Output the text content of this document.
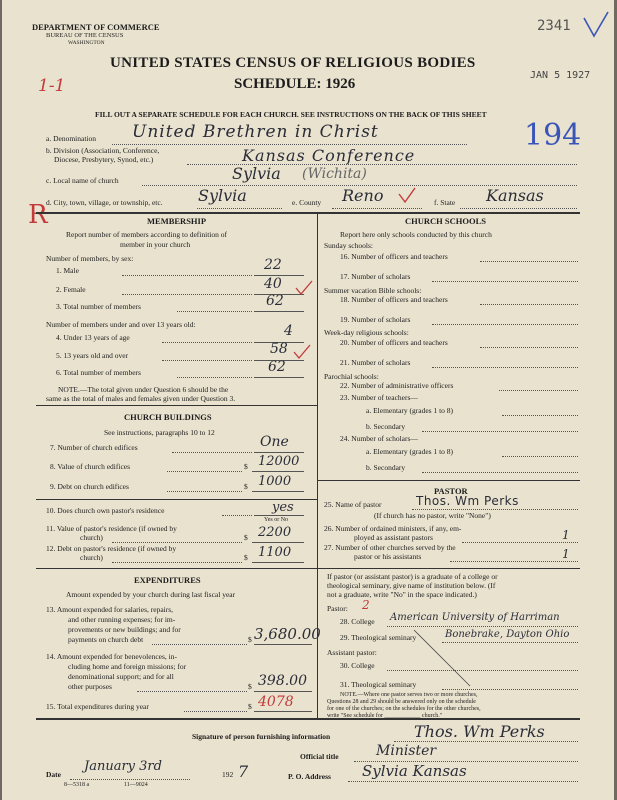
DEPARTMENT OF COMMERCE
BUREAU OF THE CENSUS
WASHINGTON
2341
UNITED STATES CENSUS OF RELIGIOUS BODIES
JAN 5 1927
SCHEDULE: 1926
1-1
FILL OUT A SEPARATE SCHEDULE FOR EACH CHURCH. SEE INSTRUCTIONS ON THE BACK OF THIS SHEET
a. Denomination United Brethren in Christ	194
b. Division (Association, Conference,
Diocese, Presbytery, Synod, etc.)	Kansas Conference
c. Local name of church	Sylvia (Wichita)
d. City, town, village, or township, etc. Sylvia	e. County Reno	f. State Kansas
R	MEMBERSHIP
Report number of members according to definition of
member in your church
Number of members, by sex:
1. Male	22
2. Female	40
3. Total number of members	62
Number of members under and over 13 years old:
4. Under 13 years of age	4
5. 13 years old and over	58
6. Total number of members	62
NOTE.—The total given under Question 6 should be the
same as the total of males and females given under Question 3.
CHURCH BUILDINGS
See instructions, paragraphs 10 to 12
7. Number of church edifices	One
8. Value of church edifices	$ 12000
9. Debt on church edifices	$ 1000
10. Does church own pastor's residence	yes
Yes or No
11. Value of pastor's residence (if owned by
church)	$ 2200
12. Debt on pastor's residence (if owned by
church)	$ 1100
EXPENDITURES
Amount expended by your church during last fiscal year
13. Amount expended for salaries, repairs,
and other running expenses; for im-
provements or new buildings; and for
payments on church debt	$ 3,680.00
14. Amount expended for benevolences, in-
cluding home and foreign missions; for
denominational support; and for all
other purposes	$ 398.00
15. Total expenditures during year	$ 4078
CHURCH SCHOOLS
Report here only schools conducted by this church
Sunday schools:
16. Number of officers and teachers
17. Number of scholars
Summer vacation Bible schools:
18. Number of officers and teachers
19. Number of scholars
Week-day religious schools:
20. Number of officers and teachers
21. Number of scholars
Parochial schools:
22. Number of administrative officers
23. Number of teachers—
a. Elementary (grades 1 to 8)
b. Secondary
24. Number of scholars—
a. Elementary (grades 1 to 8)
b. Secondary
PASTOR
25. Name of pastor	Thos. Wm Perks
(If church has no pastor, write "None")
26. Number of ordained ministers, if any, em-
ployed as assistant pastors	1
27. Number of other churches served by the
pastor or his assistants	1
If pastor (or assistant pastor) is a graduate of a college or
theological seminary, give name of institution below. (If
not a graduate, write "No" in the space indicated.)
Pastor: 2
28. College American University of Harriman
29. Theological seminary	Bonebrake, Dayton Ohio
Assistant pastor:
30. College
31. Theological seminary
NOTE.—Where one pastor serves two or more churches,
Questions 28 and 29 should be answered only on the schedule
for one of the churches; on the schedules for the other churches,
write "See schedule for ____________ church."
Signature of person furnishing information	Thos. Wm Perks
Official title	Minister
Date
January 3rd
192 7	P. O. Address Sylvia Kansas
8—5318 a	11—9024
